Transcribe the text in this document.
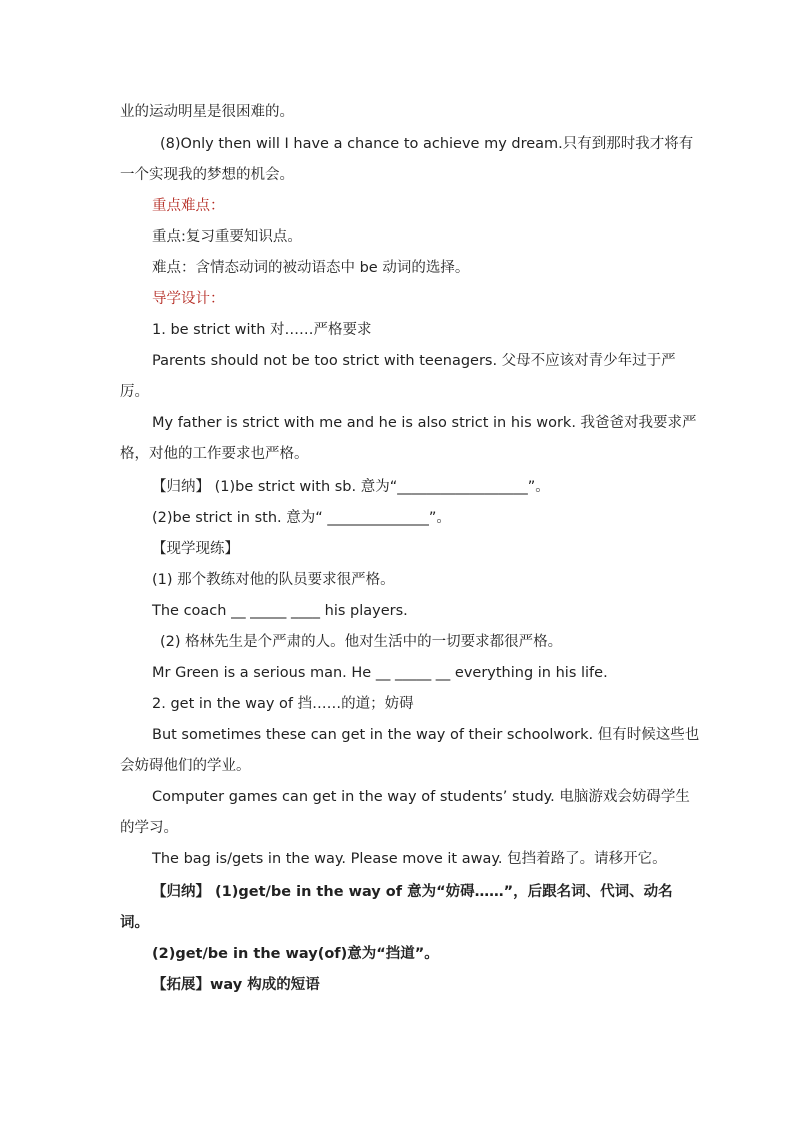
业的运动明星是很困难的。
(8)Only then will I have a chance to achieve my dream.只有到那时我才将有
一个实现我的梦想的机会。
重点难点：
重点:复习重要知识点。
难点：含情态动词的被动语态中 be 动词的选择。
导学设计：
1. be strict with 对……严格要求
Parents should not be too strict with teenagers. 父母不应该对青少年过于严
厉。
My father is strict with me and he is also strict in his work. 我爸爸对我要求严
格，对他的工作要求也严格。
【归纳】 (1)be strict with sb. 意为“__________________”。
(2)be strict in sth. 意为“ ______________”。
【现学现练】
(1) 那个教练对他的队员要求很严格。
The coach __ _____ ____ his players.
(2) 格林先生是个严肃的人。他对生活中的一切要求都很严格。
Mr Green is a serious man. He __ _____ __ everything in his life.
2. get in the way of 挡……的道；妨碍
But sometimes these can get in the way of their schoolwork. 但有时候这些也
会妨碍他们的学业。
Computer games can get in the way of students’ study. 电脑游戏会妨碍学生
的学习。
The bag is/gets in the way. Please move it away. 包挡着路了。请移开它。
【归纳】 (1)get/be in the way of 意为“妨碍……”，后跟名词、代词、动名
词。
(2)get/be in the way(of)意为“挡道”。
【拓展】way 构成的短语
